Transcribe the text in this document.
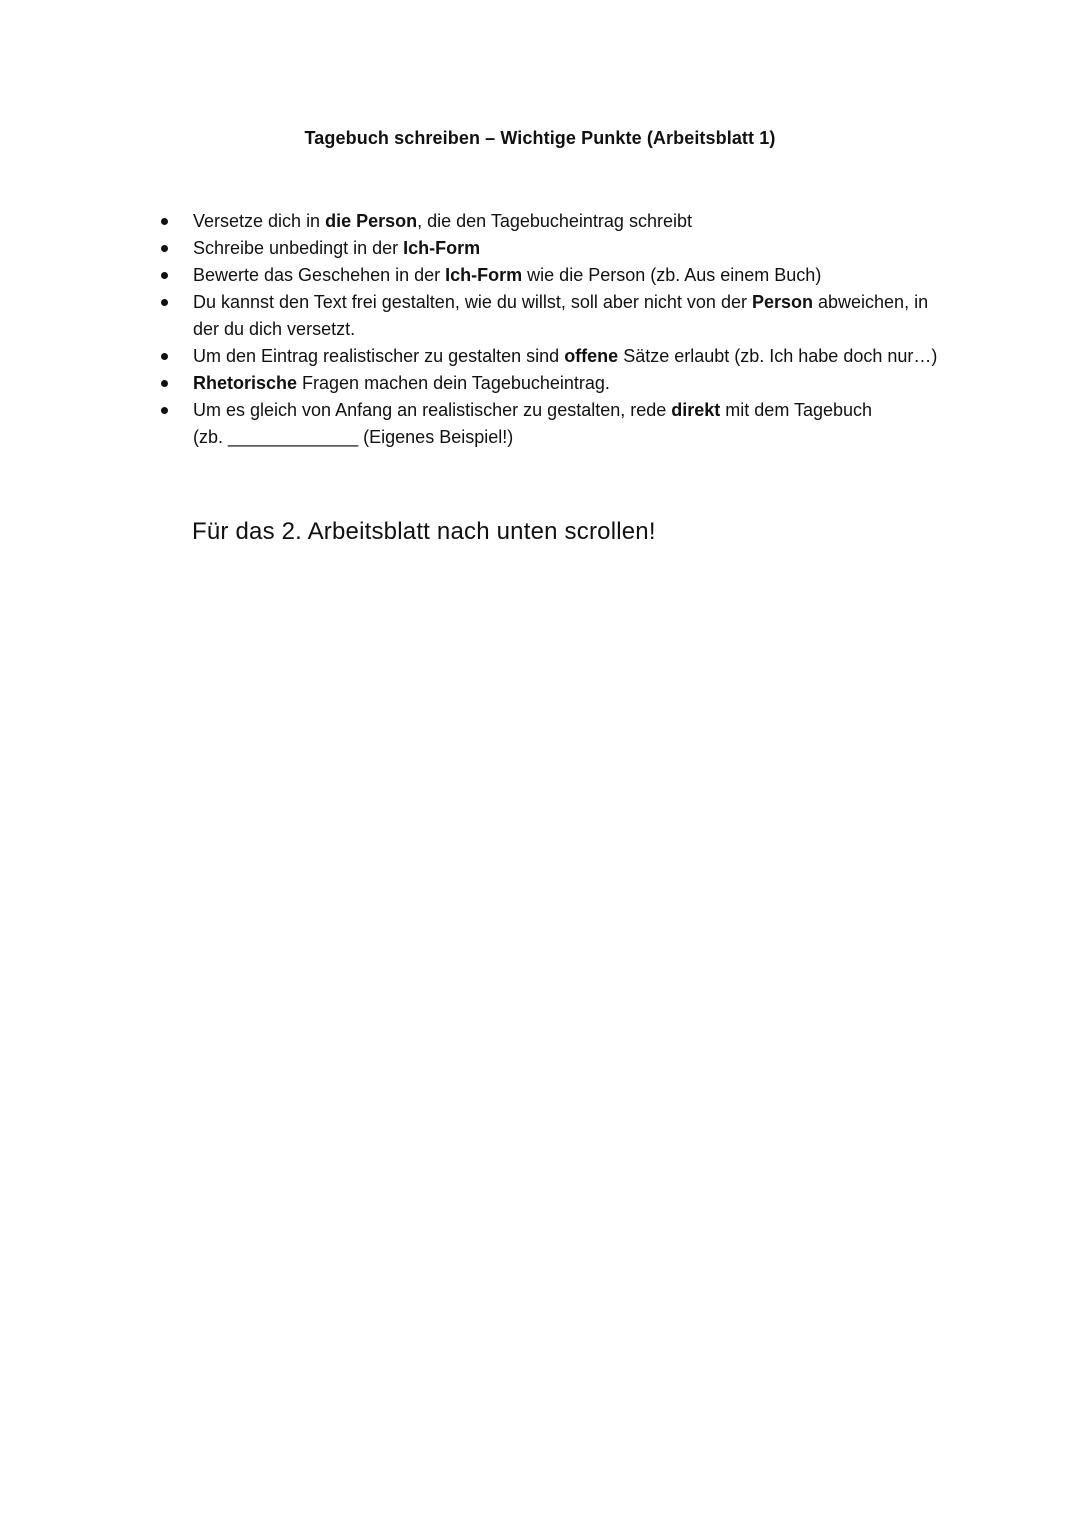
Tagebuch schreiben – Wichtige Punkte (Arbeitsblatt 1)
Versetze dich in die Person, die den Tagebucheintrag schreibt
Schreibe unbedingt in der Ich-Form
Bewerte das Geschehen in der Ich-Form wie die Person (zb. Aus einem Buch)
Du kannst den Text frei gestalten, wie du willst, soll aber nicht von der Person abweichen, in der du dich versetzt.
Um den Eintrag realistischer zu gestalten sind offene Sätze erlaubt (zb. Ich habe doch nur…)
Rhetorische Fragen machen dein Tagebucheintrag.
Um es gleich von Anfang an realistischer zu gestalten, rede direkt mit dem Tagebuch
(zb. _____________ (Eigenes Beispiel!)
Für das 2. Arbeitsblatt nach unten scrollen!
